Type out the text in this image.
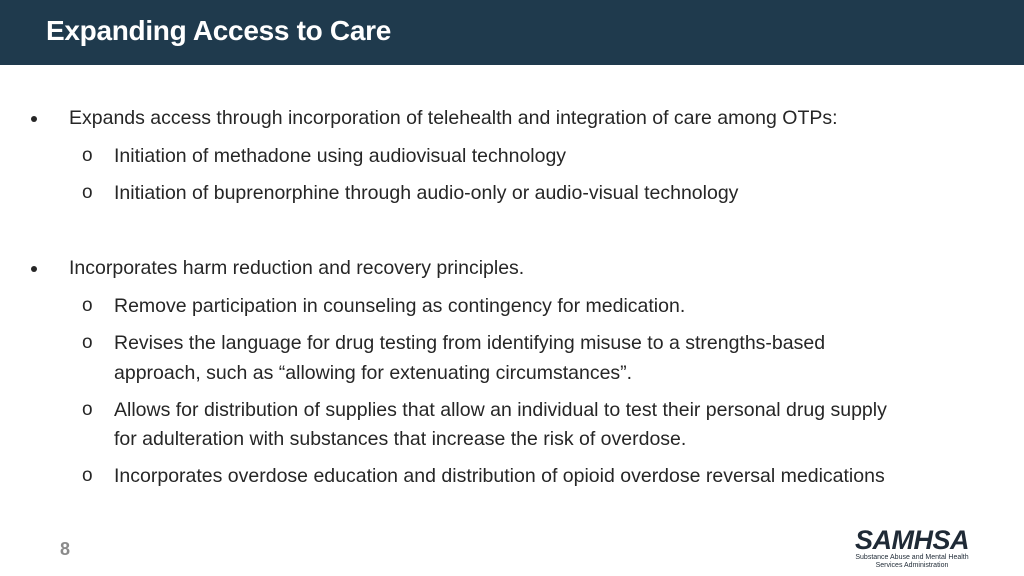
Expanding Access to Care
Expands access through incorporation of telehealth and integration of care among OTPs:
o Initiation of methadone using audiovisual technology
o Initiation of buprenorphine through audio-only or audio-visual technology
Incorporates harm reduction and recovery principles.
o Remove participation in counseling as contingency for medication.
o Revises the language for drug testing from identifying misuse to a strengths-based
approach, such as “allowing for extenuating circumstances”.
o Allows for distribution of supplies that allow an individual to test their personal drug supply
for adulteration with substances that increase the risk of overdose.
o Incorporates overdose education and distribution of opioid overdose reversal medications
8	SAMHSA
Substance Abuse and Mental Health
Services Administration
